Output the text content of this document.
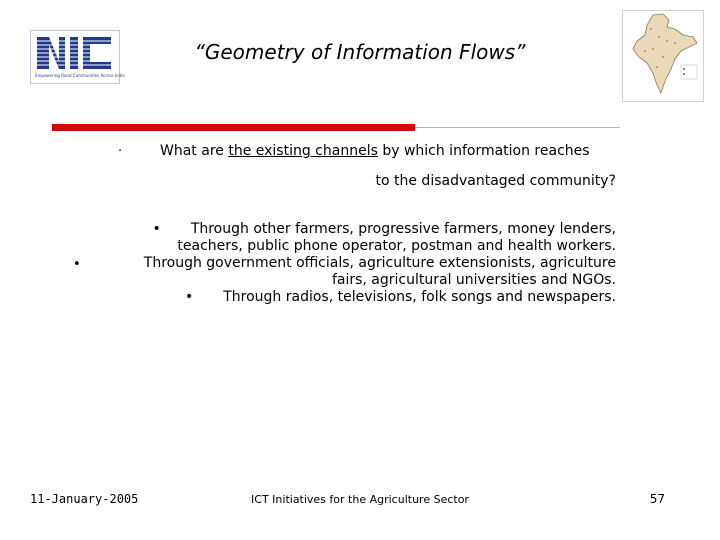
Empowering Rural Communities Across India
“Geometry of Information Flows”
·	What are the existing channels by which information reaches
to the disadvantaged community?
•
• Through other farmers, progressive farmers, money lenders,
teachers, public phone operator, postman and health workers.
Through government officials, agriculture extensionists, agriculture
fairs, agricultural universities and NGOs.
• Through radios, televisions, folk songs and newspapers.
11-January-2005	ICT Initiatives for the Agriculture Sector	57
